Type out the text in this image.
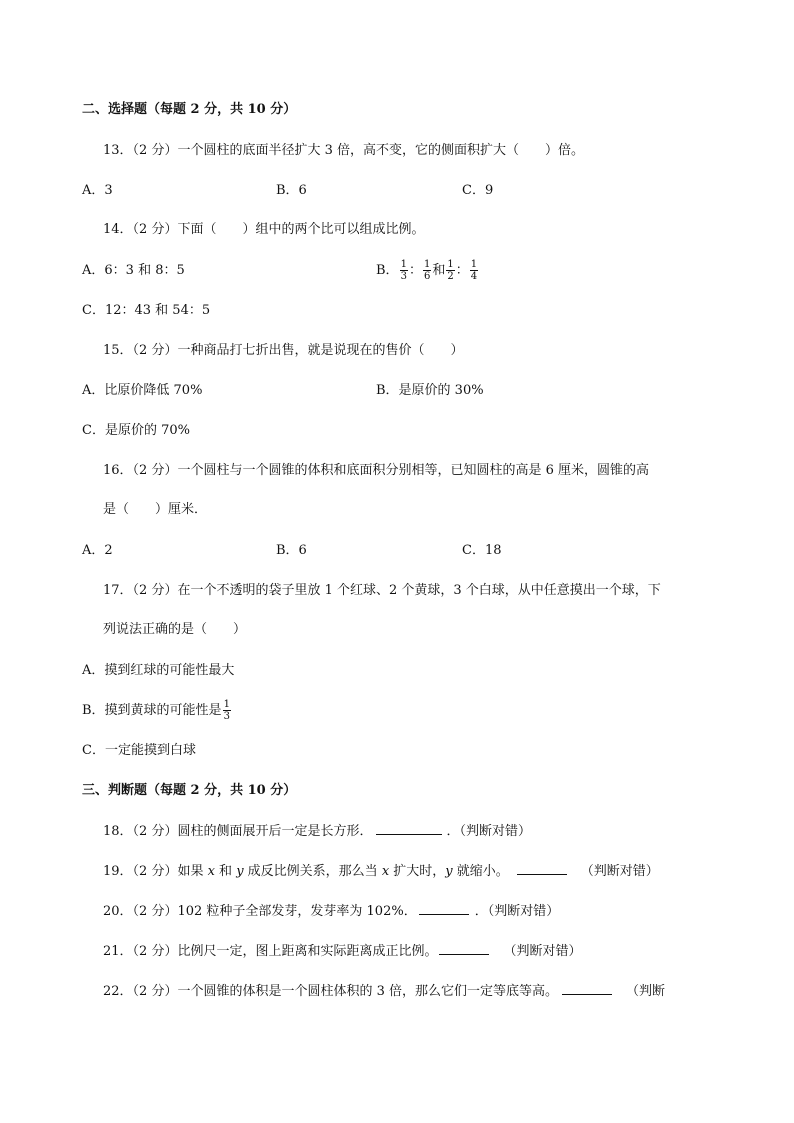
二、选择题（每题 2 分，共 10 分）
13．（2 分）一个圆柱的底面半径扩大 3 倍，高不变，它的侧面积扩大（　　）倍。
A．3	B．6	C．9
14．（2 分）下面（　　）组中的两个比可以组成比例。
A．6：3 和 8：5	B． $\frac{1}{3}$ ： $\frac{1}{6}$ 和 $\frac{1}{2}$ ： $\frac{1}{4}$
C．12：43 和 54：5
15．（2 分）一种商品打七折出售，就是说现在的售价（　　）
A．比原价降低 70%	B．是原价的 30%
C．是原价的 70%
16．（2 分）一个圆柱与一个圆锥的体积和底面积分别相等，已知圆柱的高是 6 厘米，圆锥的高
是（　　）厘米．
A．2	B．6	C．18
17．（2 分）在一个不透明的袋子里放 1 个红球、2 个黄球，3 个白球，从中任意摸出一个球，下
列说法正确的是（　　）
A．摸到红球的可能性最大
B．摸到黄球的可能性是 $\frac{1}{3}$
C．一定能摸到白球
三、判断题（每题 2 分，共 10 分）
18．（2 分）圆柱的侧面展开后一定是长方形．	．（判断对错）
19．（2 分）如果 x 和 y 成反比例关系，那么当 x 扩大时，y 就缩小。	（判断对错）
20．（2 分）102 粒种子全部发芽，发芽率为 102%．	．（判断对错）
21．（2 分）比例尺一定，图上距离和实际距离成正比例。	（判断对错）
22．（2 分）一个圆锥的体积是一个圆柱体积的 3 倍，那么它们一定等底等高。	（判断
